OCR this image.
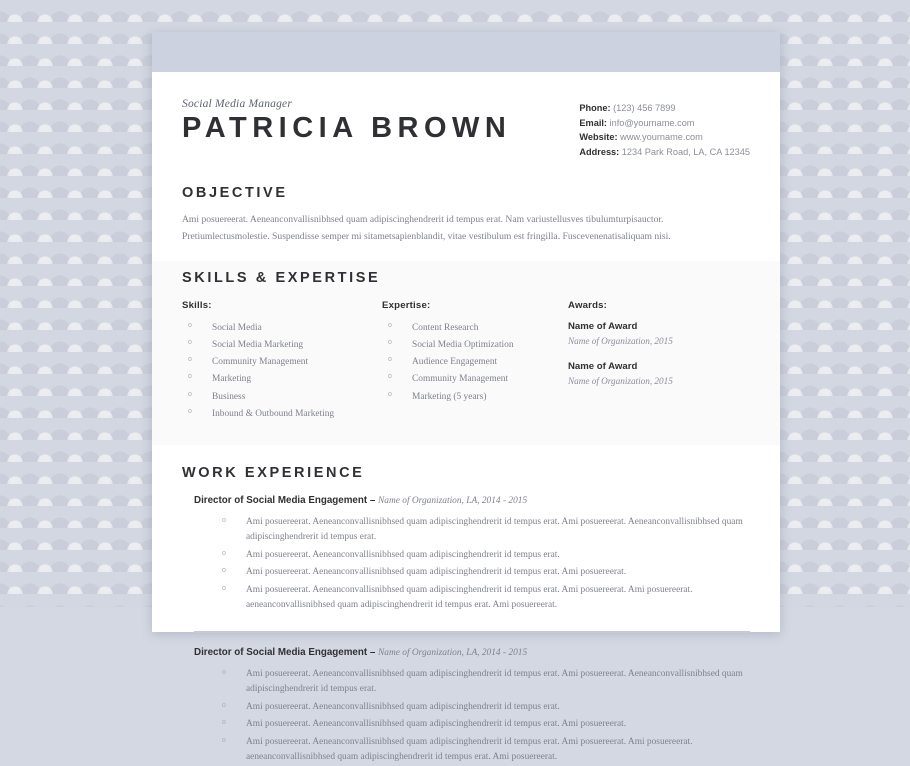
Social Media Manager
PATRICIA BROWN
Phone: (123) 456 7899
Email: info@yourname.com
Website: www.yourname.com
Address: 1234 Park Road, LA, CA 12345
OBJECTIVE

Ami posuereerat. Aeneanconvallisnibhsed quam adipiscinghendrerit id tempus erat. Nam variustellusves tibulumturpisauctor. Pretiumlectusmolestie. Suspendisse semper mi sitametsapienblandit, vitae vestibulum est fringilla. Fuscevenenatisaliquam nisi.

SKILLS & EXPERTISE
Skills:
o Social Media
o Social Media Marketing
o Community Management
o Marketing
o Business
o Inbound & Outbound Marketing
Expertise:
o Content Research
o Social Media Optimization
o Audience Engagement
o Community Management
o Marketing (5 years)
Awards:
Name of Award
Name of Organization, 2015
Name of Award
Name of Organization, 2015
WORK EXPERIENCE
Director of Social Media Engagement – Name of Organization, LA, 2014 - 2015
o Ami posuereerat. Aeneanconvallisnibhsed quam adipiscinghendrerit id tempus erat. Ami posuereerat. Aeneanconvallisnibhsed quam adipiscinghendrerit id tempus erat.
o Ami posuereerat. Aeneanconvallisnibhsed quam adipiscinghendrerit id tempus erat.
o Ami posuereerat. Aeneanconvallisnibhsed quam adipiscinghendrerit id tempus erat. Ami posuereerat.
o Ami posuereerat. Aeneanconvallisnibhsed quam adipiscinghendrerit id tempus erat. Ami posuereerat. Ami posuereerat. aeneanconvallisnibhsed quam adipiscinghendrerit id tempus erat. Ami posuereerat.
Director of Social Media Engagement – Name of Organization, LA, 2014 - 2015
o Ami posuereerat. Aeneanconvallisnibhsed quam adipiscinghendrerit id tempus erat. Ami posuereerat. Aeneanconvallisnibhsed quam adipiscinghendrerit id tempus erat.
o Ami posuereerat. Aeneanconvallisnibhsed quam adipiscinghendrerit id tempus erat.
o Ami posuereerat. Aeneanconvallisnibhsed quam adipiscinghendrerit id tempus erat. Ami posuereerat.
o Ami posuereerat. Aeneanconvallisnibhsed quam adipiscinghendrerit id tempus erat. Ami posuereerat. Ami posuereerat. aeneanconvallisnibhsed quam adipiscinghendrerit id tempus erat. Ami posuereerat.
